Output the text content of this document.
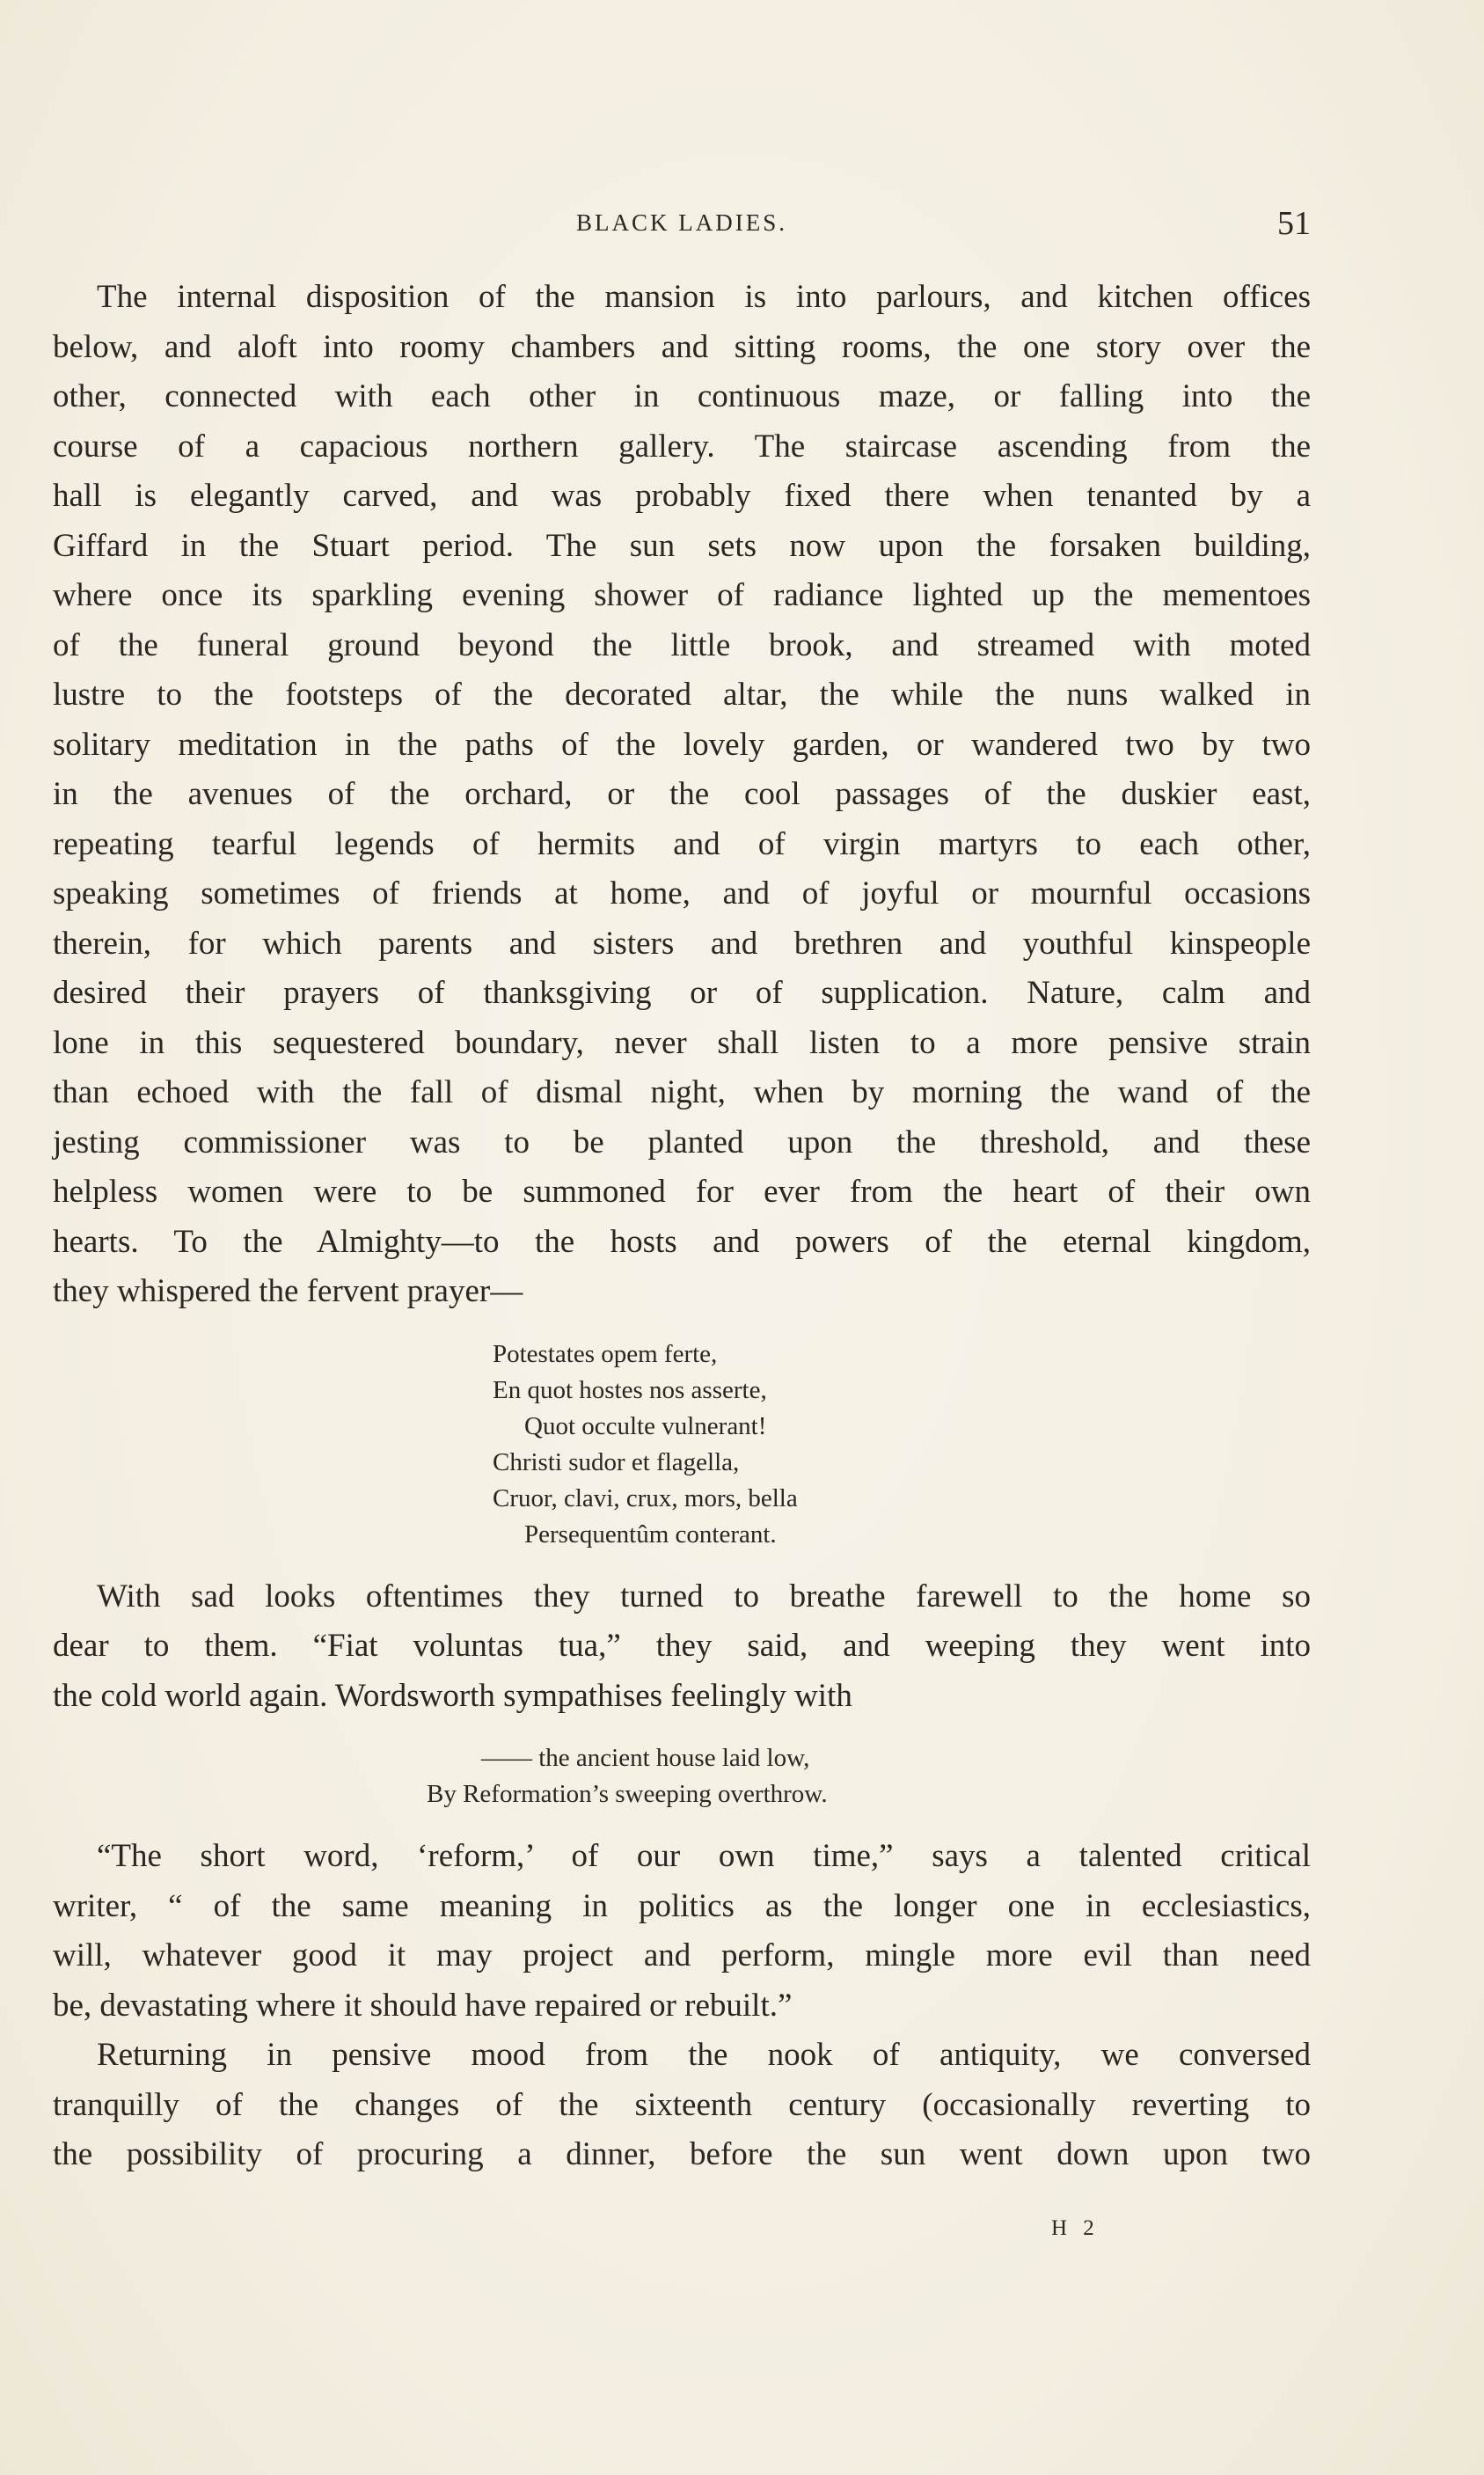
BLACK LADIES.	51
The internal disposition of the mansion is into parlours, and kitchen offices
below, and aloft into roomy chambers and sitting rooms, the one story over the
other, connected with each other in continuous maze, or falling into the
course of a capacious northern gallery. The staircase ascending from the
hall is elegantly carved, and was probably fixed there when tenanted by a
Giffard in the Stuart period. The sun sets now upon the forsaken building,
where once its sparkling evening shower of radiance lighted up the mementoes
of the funeral ground beyond the little brook, and streamed with moted
lustre to the footsteps of the decorated altar, the while the nuns walked in
solitary meditation in the paths of the lovely garden, or wandered two by two
in the avenues of the orchard, or the cool passages of the duskier east,
repeating tearful legends of hermits and of virgin martyrs to each other,
speaking sometimes of friends at home, and of joyful or mournful occasions
therein, for which parents and sisters and brethren and youthful kinspeople
desired their prayers of thanksgiving or of supplication. Nature, calm and
lone in this sequestered boundary, never shall listen to a more pensive strain
than echoed with the fall of dismal night, when by morning the wand of the
jesting commissioner was to be planted upon the threshold, and these
helpless women were to be summoned for ever from the heart of their own
hearts. To the Almighty—to the hosts and powers of the eternal kingdom,
they whispered the fervent prayer—
Potestates opem ferte,
En quot hostes nos asserte,
Quot occulte vulnerant!
Christi sudor et flagella,
Cruor, clavi, crux, mors, bella
Persequentûm conterant.
With sad looks oftentimes they turned to breathe farewell to the home so
dear to them. “Fiat voluntas tua,” they said, and weeping they went into
the cold world again. Wordsworth sympathises feelingly with
—— the ancient house laid low,
By Reformation’s sweeping overthrow.
“The short word, ‘reform,’ of our own time,” says a talented critical
writer, “ of the same meaning in politics as the longer one in ecclesiastics,
will, whatever good it may project and perform, mingle more evil than need
be, devastating where it should have repaired or rebuilt.”
Returning in pensive mood from the nook of antiquity, we conversed
tranquilly of the changes of the sixteenth century (occasionally reverting to
the possibility of procuring a dinner, before the sun went down upon two
H 2
